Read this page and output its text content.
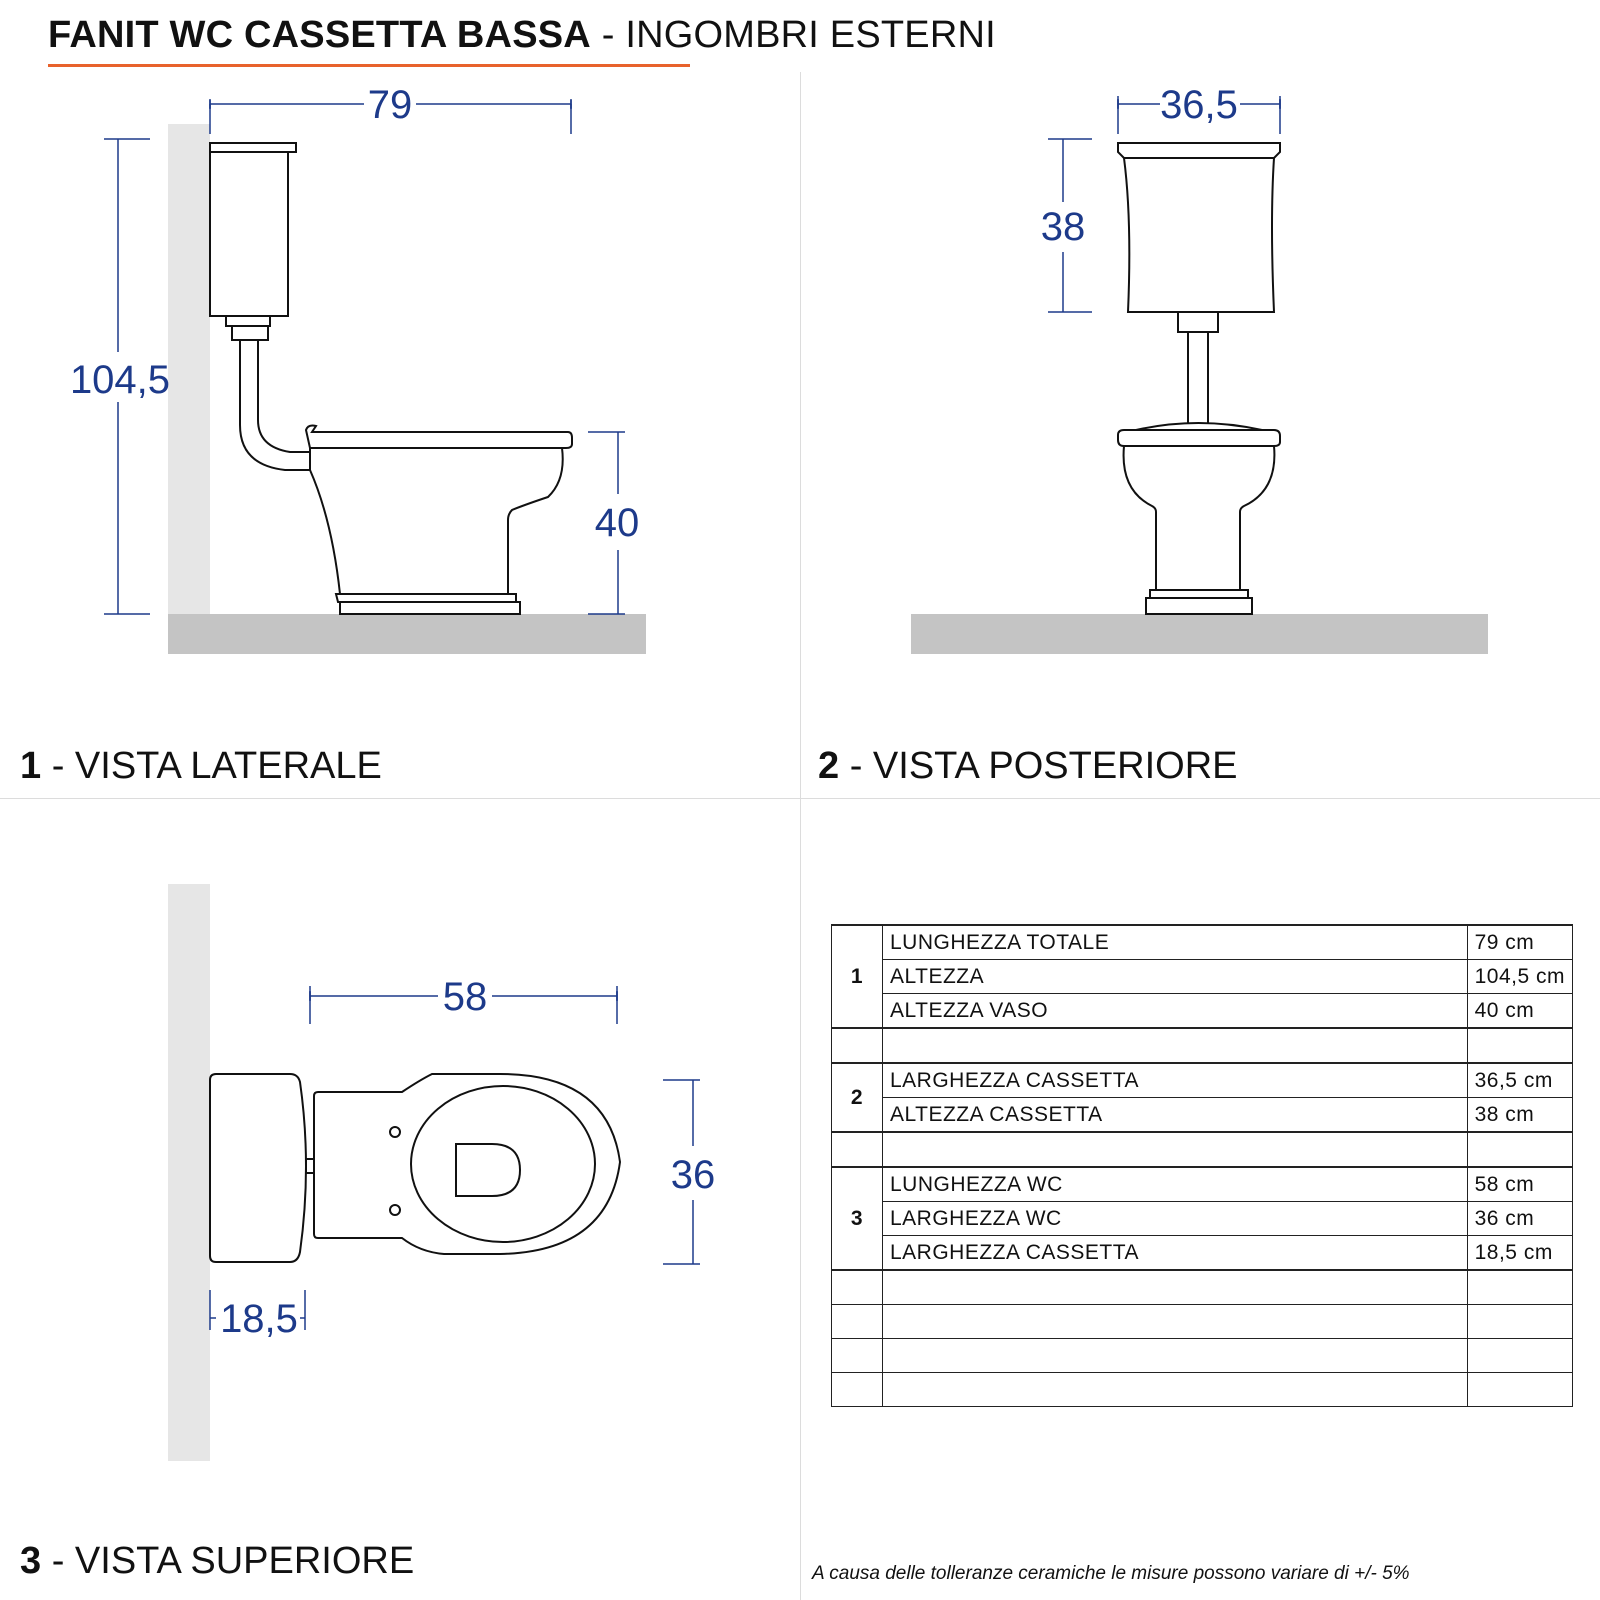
FANIT WC CASSETTA BASSA - INGOMBRI ESTERNI
79
104,5
40
36,5
38
58
36
18,5
1 - VISTA LATERALE	2 - VISTA POSTERIORE
3 - VISTA SUPERIORE
1	LUNGHEZZA TOTALE	79 cm
	ALTEZZA	104,5 cm
	ALTEZZA VASO	40 cm

2	LARGHEZZA CASSETTA	36,5 cm
	ALTEZZA CASSETTA	38 cm

3	LUNGHEZZA WC	58 cm
	LARGHEZZA WC	36 cm
	LARGHEZZA CASSETTA	18,5 cm

A causa delle tolleranze ceramiche le misure possono variare di +/- 5%
